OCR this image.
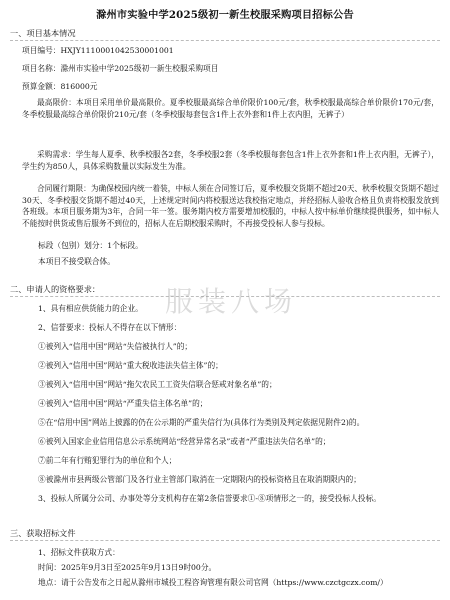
滁州市实验中学2025级初一新生校服采购项目招标公告
一、项目基本情况
项目编号：HXJY1110001042530001001
项目名称：滁州市实验中学2025级初一新生校服采购项目
预算金额：816000元
最高限价：本项目采用单价最高限价。夏季校服最高综合单价限价100元/套，秋季校服最高综合单价限价170元/套，冬季校服最高综合单价限价210元/套（冬季校服每套包含1件上衣外套和1件上衣内胆，无裤子）
采购需求：学生每人夏季、秋季校服各2套，冬季校服2套（冬季校服每套包含1件上衣外套和1件上衣内胆，无裤子），学生约为850人，具体采购数量以实际发生为准。
合同履行期限：为确保校园内统一着装，中标人须在合同签订后，夏季校服交货期不超过20天、秋季校服交货期不超过30天、冬季校服交货期不超过40天，上述规定时间内将校服送达我校指定地点，并经招标人验收合格且负责将校服发放到各班级。本项目服务期为3年，合同一年一签。服务期内校方需要增加校服的，中标人按中标单价继续提供服务，如中标人不能按时供货或售后服务不到位的，招标人在后期校服采购时，不再接受投标人参与投标。
标段（包别）划分：1个标段。
本项目不接受联合体。
二、申请人的资格要求：
1、具有相应供货能力的企业。
2、信誉要求：投标人不得存在以下情形：
①被列入“信用中国”网站“失信被执行人”的；
②被列入“信用中国”网站“重大税收违法失信主体”的；
③被列入“信用中国”网站“拖欠农民工工资失信联合惩戒对象名单”的；
④被列入“信用中国”网站“严重失信主体名单”的；
⑤在“信用中国”网站上披露的仍在公示期的严重失信行为(具体行为类别及判定依据见附件2)的。
⑥被列入国家企业信用信息公示系统网站“经营异常名录”或者“严重违法失信名单”的；
⑦前二年有行贿犯罪行为的单位和个人；
⑧被滁州市县两级公管部门及各行业主管部门取消在一定期限内的投标资格且在取消期限内的；
3、投标人所属分公司、办事处等分支机构存在第2条信誉要求①-⑧项情形之一的，接受投标人投标。
三、获取招标文件
1、招标文件获取方式：
时间：2025年9月3日至2025年9月13日9时00分。
地点：请于公告发布之日起从滁州市城投工程咨询管理有限公司官网（https://www.czctgczx.com/）
服装八场
